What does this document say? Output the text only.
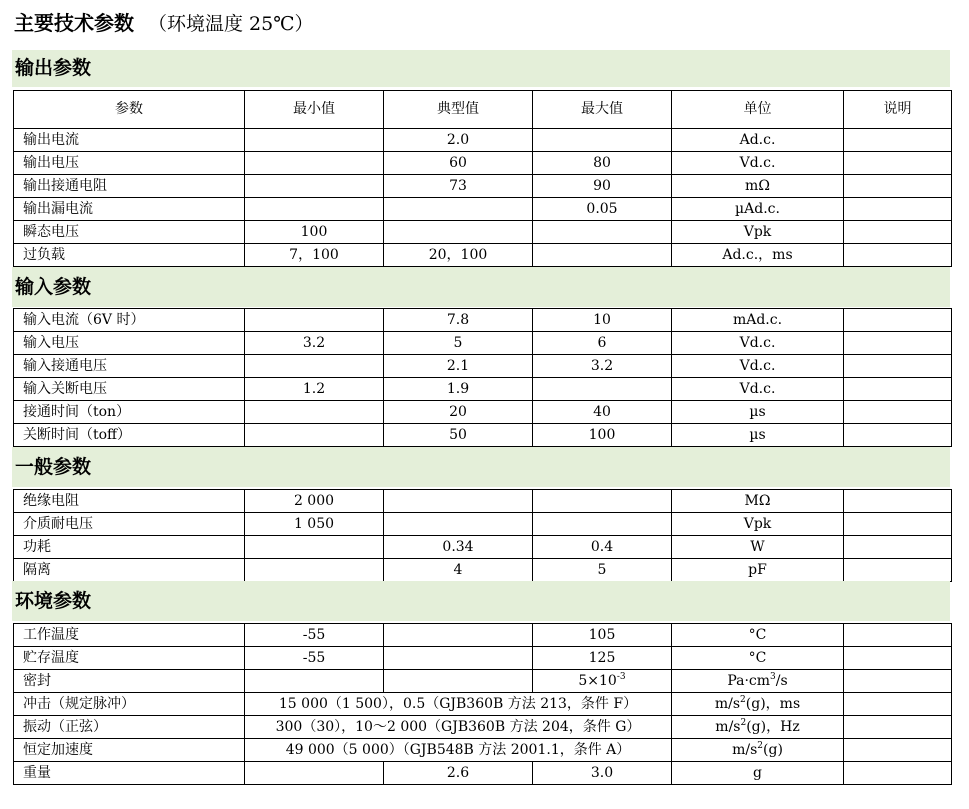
主要技术参数 （环境温度 25℃）
输出参数
参数	最小值	典型值	最大值	单位	说明
输出电流		2.0		Ad.c.	
输出电压		60	80	Vd.c.	
输出接通电阻		73	90	mΩ	
输出漏电流			0.05	µAd.c.	
瞬态电压	100			Vpk	
过负载	7，100	20，100		Ad.c.，ms	
输入参数
输入电流（6V 时）		7.8	10	mAd.c.	
输入电压	3.2	5	6	Vd.c.	
输入接通电压		2.1	3.2	Vd.c.	
输入关断电压	1.2	1.9		Vd.c.	
接通时间（ton）		20	40	µs	
关断时间（toff）		50	100	µs	
一般参数
绝缘电阻	2 000			MΩ	
介质耐电压	1 050			Vpk	
功耗		0.34	0.4	W	
隔离		4	5	pF	
环境参数
工作温度	-55		105	°C	
贮存温度	-55		125	°C	
密封			$5\times 10^{-3}$	$Pa\cdot cm^3/s$	
冲击（规定脉冲）	15 000（1 500），0.5（GJB360B 方法 213，条件 F）			$m/s^2(g)$，ms	
振动（正弦）	300（30），10～2 000（GJB360B 方法 204，条件 G）			$m/s^2(g)$，Hz	
恒定加速度	49 000（5 000）（GJB548B 方法 2001.1，条件 A）			$m/s^2(g)$	
重量		2.6	3.0	g	
